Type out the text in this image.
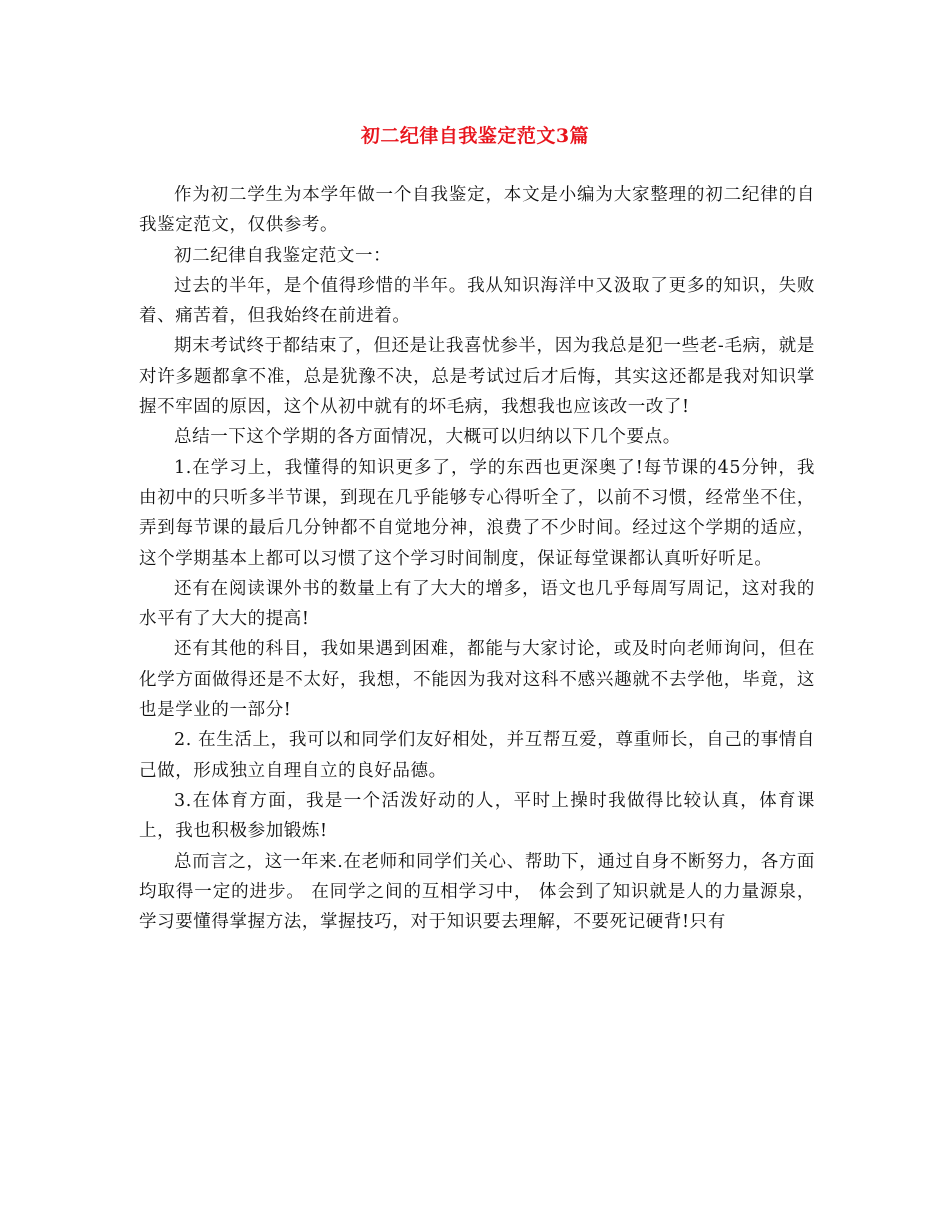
初二纪律自我鉴定范文3篇

作为初二学生为本学年做一个自我鉴定，本文是小编为大家整理的初二纪律的自我鉴定范文，仅供参考。

初二纪律自我鉴定范文一：

过去的半年，是个值得珍惜的半年。我从知识海洋中又汲取了更多的知识，失败着、痛苦着，但我始终在前进着。

期末考试终于都结束了，但还是让我喜忧参半，因为我总是犯一些老-毛病，就是对许多题都拿不准，总是犹豫不决，总是考试过后才后悔，其实这还都是我对知识掌握不牢固的原因，这个从初中就有的坏毛病，我想我也应该改一改了!

总结一下这个学期的各方面情况，大概可以归纳以下几个要点。

1.在学习上，我懂得的知识更多了，学的东西也更深奥了!每节课的45分钟，我由初中的只听多半节课，到现在几乎能够专心得听全了，以前不习惯，经常坐不住，弄到每节课的最后几分钟都不自觉地分神，浪费了不少时间。经过这个学期的适应，这个学期基本上都可以习惯了这个学习时间制度，保证每堂课都认真听好听足。

还有在阅读课外书的数量上有了大大的增多，语文也几乎每周写周记，这对我的水平有了大大的提高!

还有其他的科目，我如果遇到困难，都能与大家讨论，或及时向老师询问，但在化学方面做得还是不太好，我想，不能因为我对这科不感兴趣就不去学他，毕竟，这也是学业的一部分!

2. 在生活上，我可以和同学们友好相处，并互帮互爱，尊重师长，自己的事情自己做，形成独立自理自立的良好品德。

3.在体育方面，我是一个活泼好动的人，平时上操时我做得比较认真，体育课上，我也积极参加锻炼!

总而言之，这一年来.在老师和同学们关心、帮助下，通过自身不断努力，各方面均取得一定的进步。 在同学之间的互相学习中， 体会到了知识就是人的力量源泉，学习要懂得掌握方法，掌握技巧，对于知识要去理解，不要死记硬背!只有
